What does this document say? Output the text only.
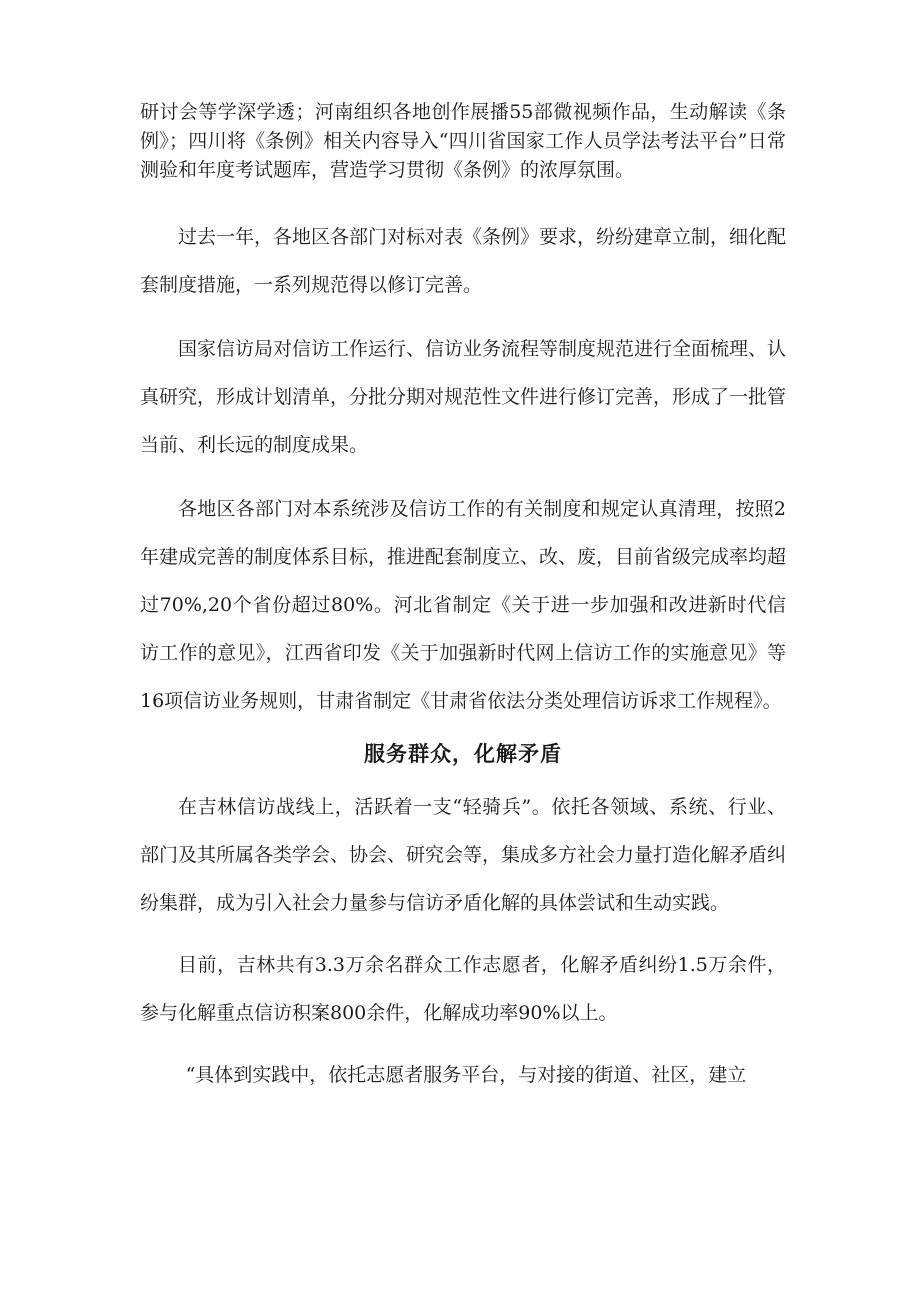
研讨会等学深学透；河南组织各地创作展播55部微视频作品，生动解读《条例》；四川将《条例》相关内容导入“四川省国家工作人员学法考法平台”日常测验和年度考试题库，营造学习贯彻《条例》的浓厚氛围。

过去一年，各地区各部门对标对表《条例》要求，纷纷建章立制，细化配套制度措施，一系列规范得以修订完善。

国家信访局对信访工作运行、信访业务流程等制度规范进行全面梳理、认真研究，形成计划清单，分批分期对规范性文件进行修订完善，形成了一批管当前、利长远的制度成果。

各地区各部门对本系统涉及信访工作的有关制度和规定认真清理，按照2年建成完善的制度体系目标，推进配套制度立、改、废，目前省级完成率均超过70%,20个省份超过80%。河北省制定《关于进一步加强和改进新时代信访工作的意见》，江西省印发《关于加强新时代网上信访工作的实施意见》等16项信访业务规则，甘肃省制定《甘肃省依法分类处理信访诉求工作规程》。

服务群众，化解矛盾

在吉林信访战线上，活跃着一支“轻骑兵”。依托各领域、系统、行业、部门及其所属各类学会、协会、研究会等，集成多方社会力量打造化解矛盾纠纷集群，成为引入社会力量参与信访矛盾化解的具体尝试和生动实践。

目前，吉林共有3.3万余名群众工作志愿者，化解矛盾纠纷1.5万余件，参与化解重点信访积案800余件，化解成功率90%以上。

“具体到实践中，依托志愿者服务平台，与对接的街道、社区，建立
